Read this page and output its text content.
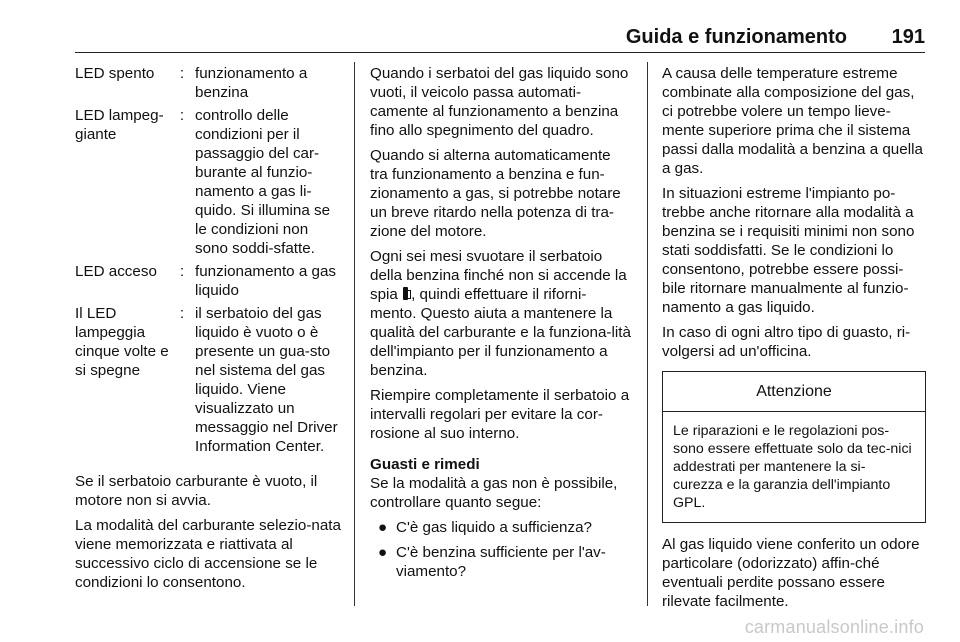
Guida e funzionamento 191
LED spento	: funzionamento a benzina
LED lampeg-giante
: controllo delle condizioni per il passaggio del car-burante al funzio-namento a gas li-quido. Si illumina se le condizioni non sono soddi-sfatte.
LED acceso	: funzionamento a gas liquido
Il LED lampeggia cinque volte e si spegne
: il serbatoio del gas liquido è vuoto o è presente un gua-sto nel sistema del gas liquido. Viene visualizzato un messaggio nel Driver Information Center.

Se il serbatoio carburante è vuoto, il motore non si avvia.

La modalità del carburante selezio-nata viene memorizzata e riattivata al successivo ciclo di accensione se le condizioni lo consentono.

Quando i serbatoi del gas liquido sono vuoti, il veicolo passa automati-camente al funzionamento a benzina fino allo spegnimento del quadro.

Quando si alterna automaticamente tra funzionamento a benzina e fun-zionamento a gas, si potrebbe notare un breve ritardo nella potenza di tra-zione del motore.

Ogni sei mesi svuotare il serbatoio della benzina finché non si accende la spia , quindi effettuare il riforni-mento. Questo aiuta a mantenere la qualità del carburante e la funziona-lità dell'impianto per il funzionamento a benzina.

Riempire completamente il serbatoio a intervalli regolari per evitare la cor-rosione al suo interno.

Guasti e rimedi

Se la modalità a gas non è possibile, controllare quanto segue:

● C'è gas liquido a sufficienza?
● C'è benzina sufficiente per l'av-viamento?

A causa delle temperature estreme combinate alla composizione del gas, ci potrebbe volere un tempo lieve-mente superiore prima che il sistema passi dalla modalità a benzina a quella a gas.

In situazioni estreme l'impianto po-trebbe anche ritornare alla modalità a benzina se i requisiti minimi non sono stati soddisfatti. Se le condizioni lo consentono, potrebbe essere possi-bile ritornare manualmente al funzio-namento a gas liquido.

In caso di ogni altro tipo di guasto, ri-volgersi ad un'officina.

Attenzione
Le riparazioni e le regolazioni pos-sono essere effettuate solo da tec-nici addestrati per mantenere la si-curezza e la garanzia dell'impianto GPL.

Al gas liquido viene conferito un odore particolare (odorizzato) affin-ché eventuali perdite possano essere rilevate facilmente.

carmanualsonline.info
